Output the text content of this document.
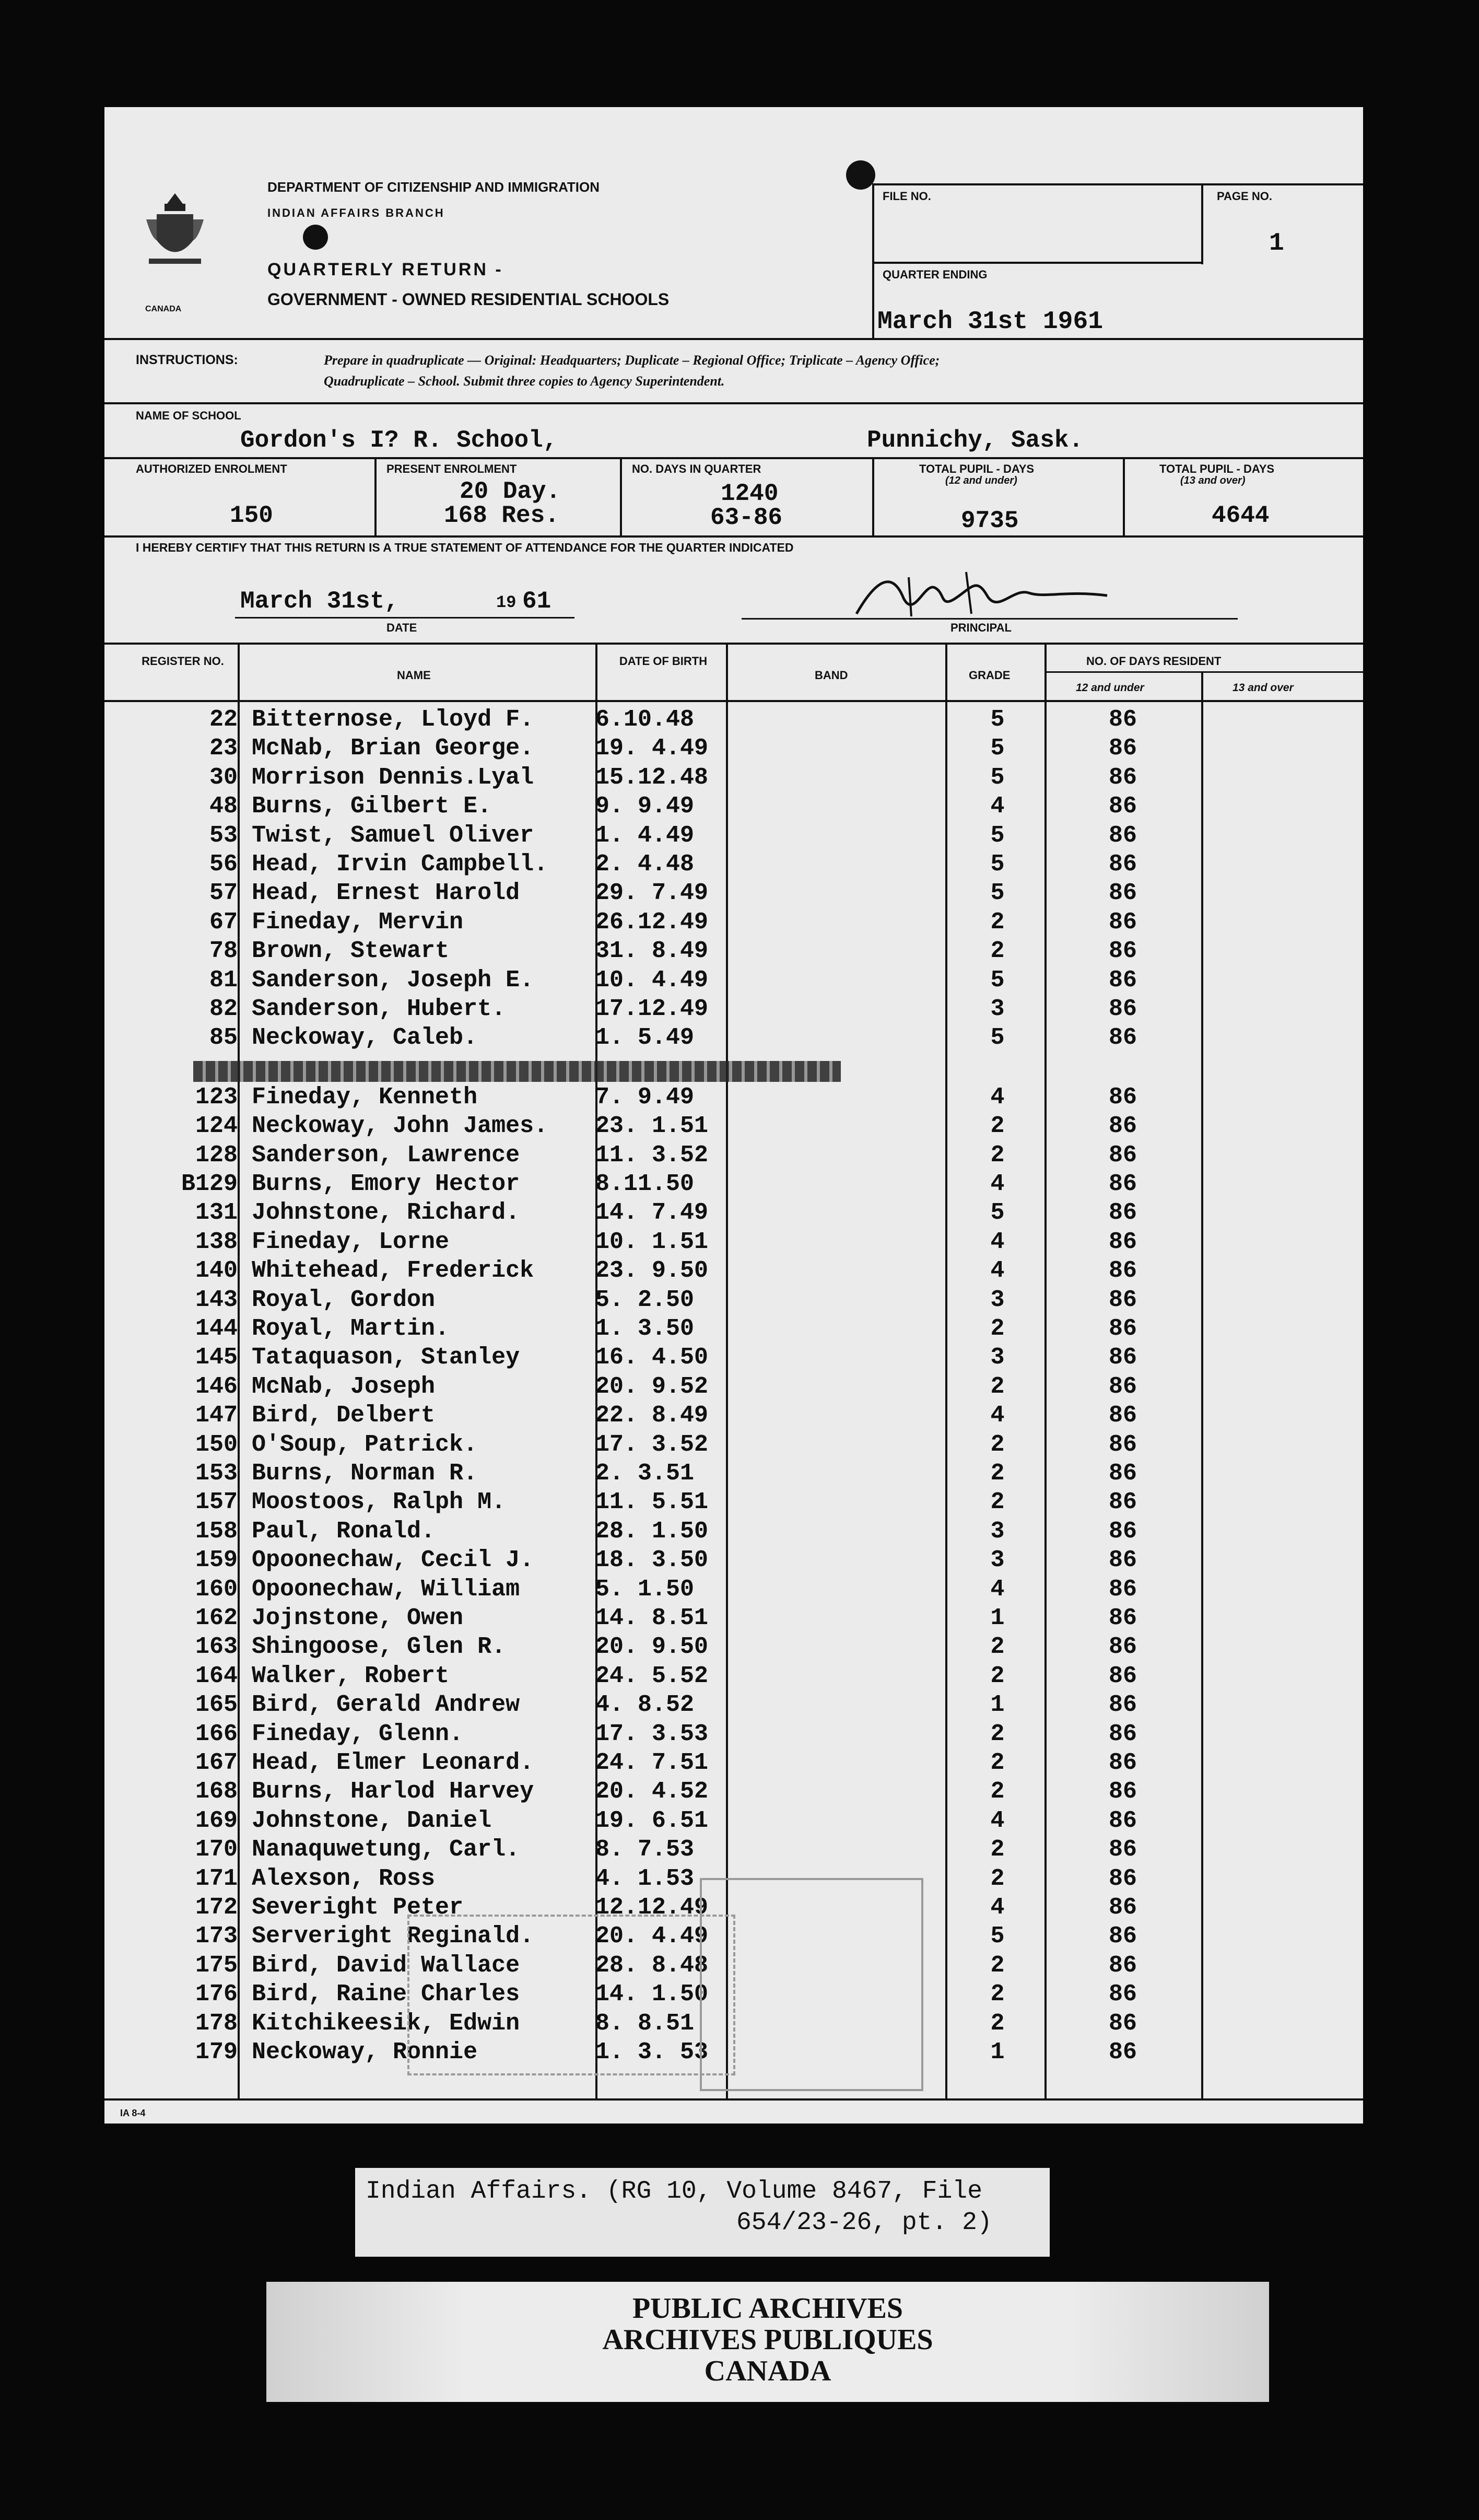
CANADA
DEPARTMENT OF CITIZENSHIP AND IMMIGRATION
INDIAN AFFAIRS BRANCH
QUARTERLY RETURN -
GOVERNMENT - OWNED RESIDENTIAL SCHOOLS
FILE NO.	PAGE NO.
1
QUARTER ENDING
March 31st 1961
INSTRUCTIONS:	Prepare in quadruplicate — Original: Headquarters; Duplicate – Regional Office; Triplicate – Agency Office;
Quadruplicate – School. Submit three copies to Agency Superintendent.
NAME OF SCHOOL
Gordon's I? R. School,	Punnichy, Sask.
AUTHORIZED ENROLMENT
150
PRESENT ENROLMENT
20 Day.
168 Res.
NO. DAYS IN QUARTER
1240
63-86
TOTAL PUPIL - DAYS
(12 and under)
9735
TOTAL PUPIL - DAYS
(13 and over)
4644
I HEREBY CERTIFY THAT THIS RETURN IS A TRUE STATEMENT OF ATTENDANCE FOR THE QUARTER INDICATED
March 31st,	19 61
DATE	PRINCIPAL
REGISTER NO.
NAME
DATE OF BIRTH
BAND	GRADE
NO. OF DAYS RESIDENT
12 and under	13 and over
22 Bitternose, Lloyd F.	6.10.48	5	86
23 McNab, Brian George.	19. 4.49	5	86
30 Morrison Dennis.Lyal	15.12.48	5	86
48 Burns, Gilbert E.	9. 9.49	4	86
53 Twist, Samuel Oliver	1. 4.49	5	86
56 Head, Irvin Campbell. 2. 4.48	5	86
57 Head, Ernest Harold	29. 7.49	5	86
67 Fineday, Mervin	26.12.49	2	86
78 Brown, Stewart	31. 8.49	2	86
81 Sanderson, Joseph E.	10. 4.49	5	86
82 Sanderson, Hubert.	17.12.49	3	86
85 Neckoway, Caleb.	1. 5.49	5	86
123 Fineday, Kenneth	7. 9.49	4	86
124 Neckoway, John James. 23. 1.51	2	86
128 Sanderson, Lawrence	11. 3.52	2	86
B129 Burns, Emory Hector	8.11.50	4	86
131 Johnstone, Richard.	14. 7.49	5	86
138 Fineday, Lorne	10. 1.51	4	86
140 Whitehead, Frederick	23. 9.50	4	86
143 Royal, Gordon	5. 2.50	3	86
144 Royal, Martin.	1. 3.50	2	86
145 Tataquason, Stanley	16. 4.50	3	86
146 McNab, Joseph	20. 9.52	2	86
147 Bird, Delbert	22. 8.49	4	86
150 O'Soup, Patrick.	17. 3.52	2	86
153 Burns, Norman R.	2. 3.51	2	86
157 Moostoos, Ralph M.	11. 5.51	2	86
158 Paul, Ronald.	28. 1.50	3	86
159 Opoonechaw, Cecil J.	18. 3.50	3	86
160 Opoonechaw, William	5. 1.50	4	86
162 Jojnstone, Owen	14. 8.51	1	86
163 Shingoose, Glen R.	20. 9.50	2	86
164 Walker, Robert	24. 5.52	2	86
165 Bird, Gerald Andrew	4. 8.52	1	86
166 Fineday, Glenn.	17. 3.53	2	86
167 Head, Elmer Leonard.	24. 7.51	2	86
168 Burns, Harlod Harvey	20. 4.52	2	86
169 Johnstone, Daniel	19. 6.51	4	86
170 Nanaquwetung, Carl.	8. 7.53	2	86
171 Alexson, Ross	4. 1.53	2	86
172 Severight Peter	12.12.49	4	86
173 Serveright Reginald.	20. 4.49	5	86
175 Bird, David Wallace	28. 8.48	2	86
176 Bird, Raine Charles	14. 1.50	2	86
178 Kitchikeesik, Edwin	8. 8.51	2	86
179 Neckoway, Ronnie	1. 3. 53	1	86
IA 8-4
Indian Affairs. (RG 10, Volume 8467, File
654/23-26, pt. 2)
PUBLIC ARCHIVES
ARCHIVES PUBLIQUES
CANADA
